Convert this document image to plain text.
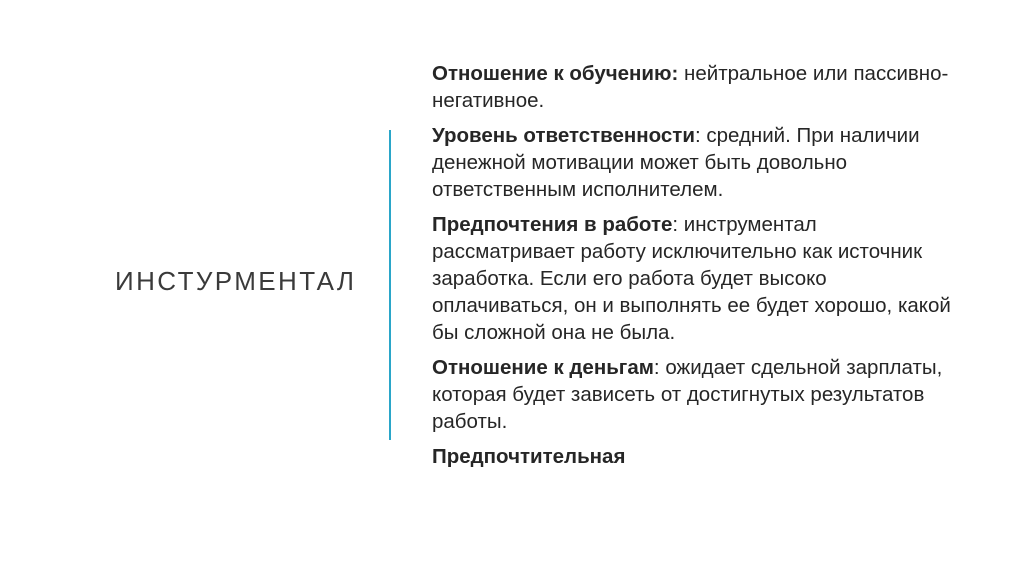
ИНСТУРМЕНТАЛ

Отношение к обучению: нейтральное или пассивно-негативное.

Уровень ответственности: средний. При наличии денежной мотивации может быть довольно ответственным исполнителем.

Предпочтения в работе: инструментал рассматривает работу исключительно как источник заработка. Если его работа будет высоко оплачиваться, он и выполнять ее будет хорошо, какой бы сложной она не была.

Отношение к деньгам: ожидает сдельной зарплаты, которая будет зависеть от достигнутых результатов работы.

Предпочтительная
